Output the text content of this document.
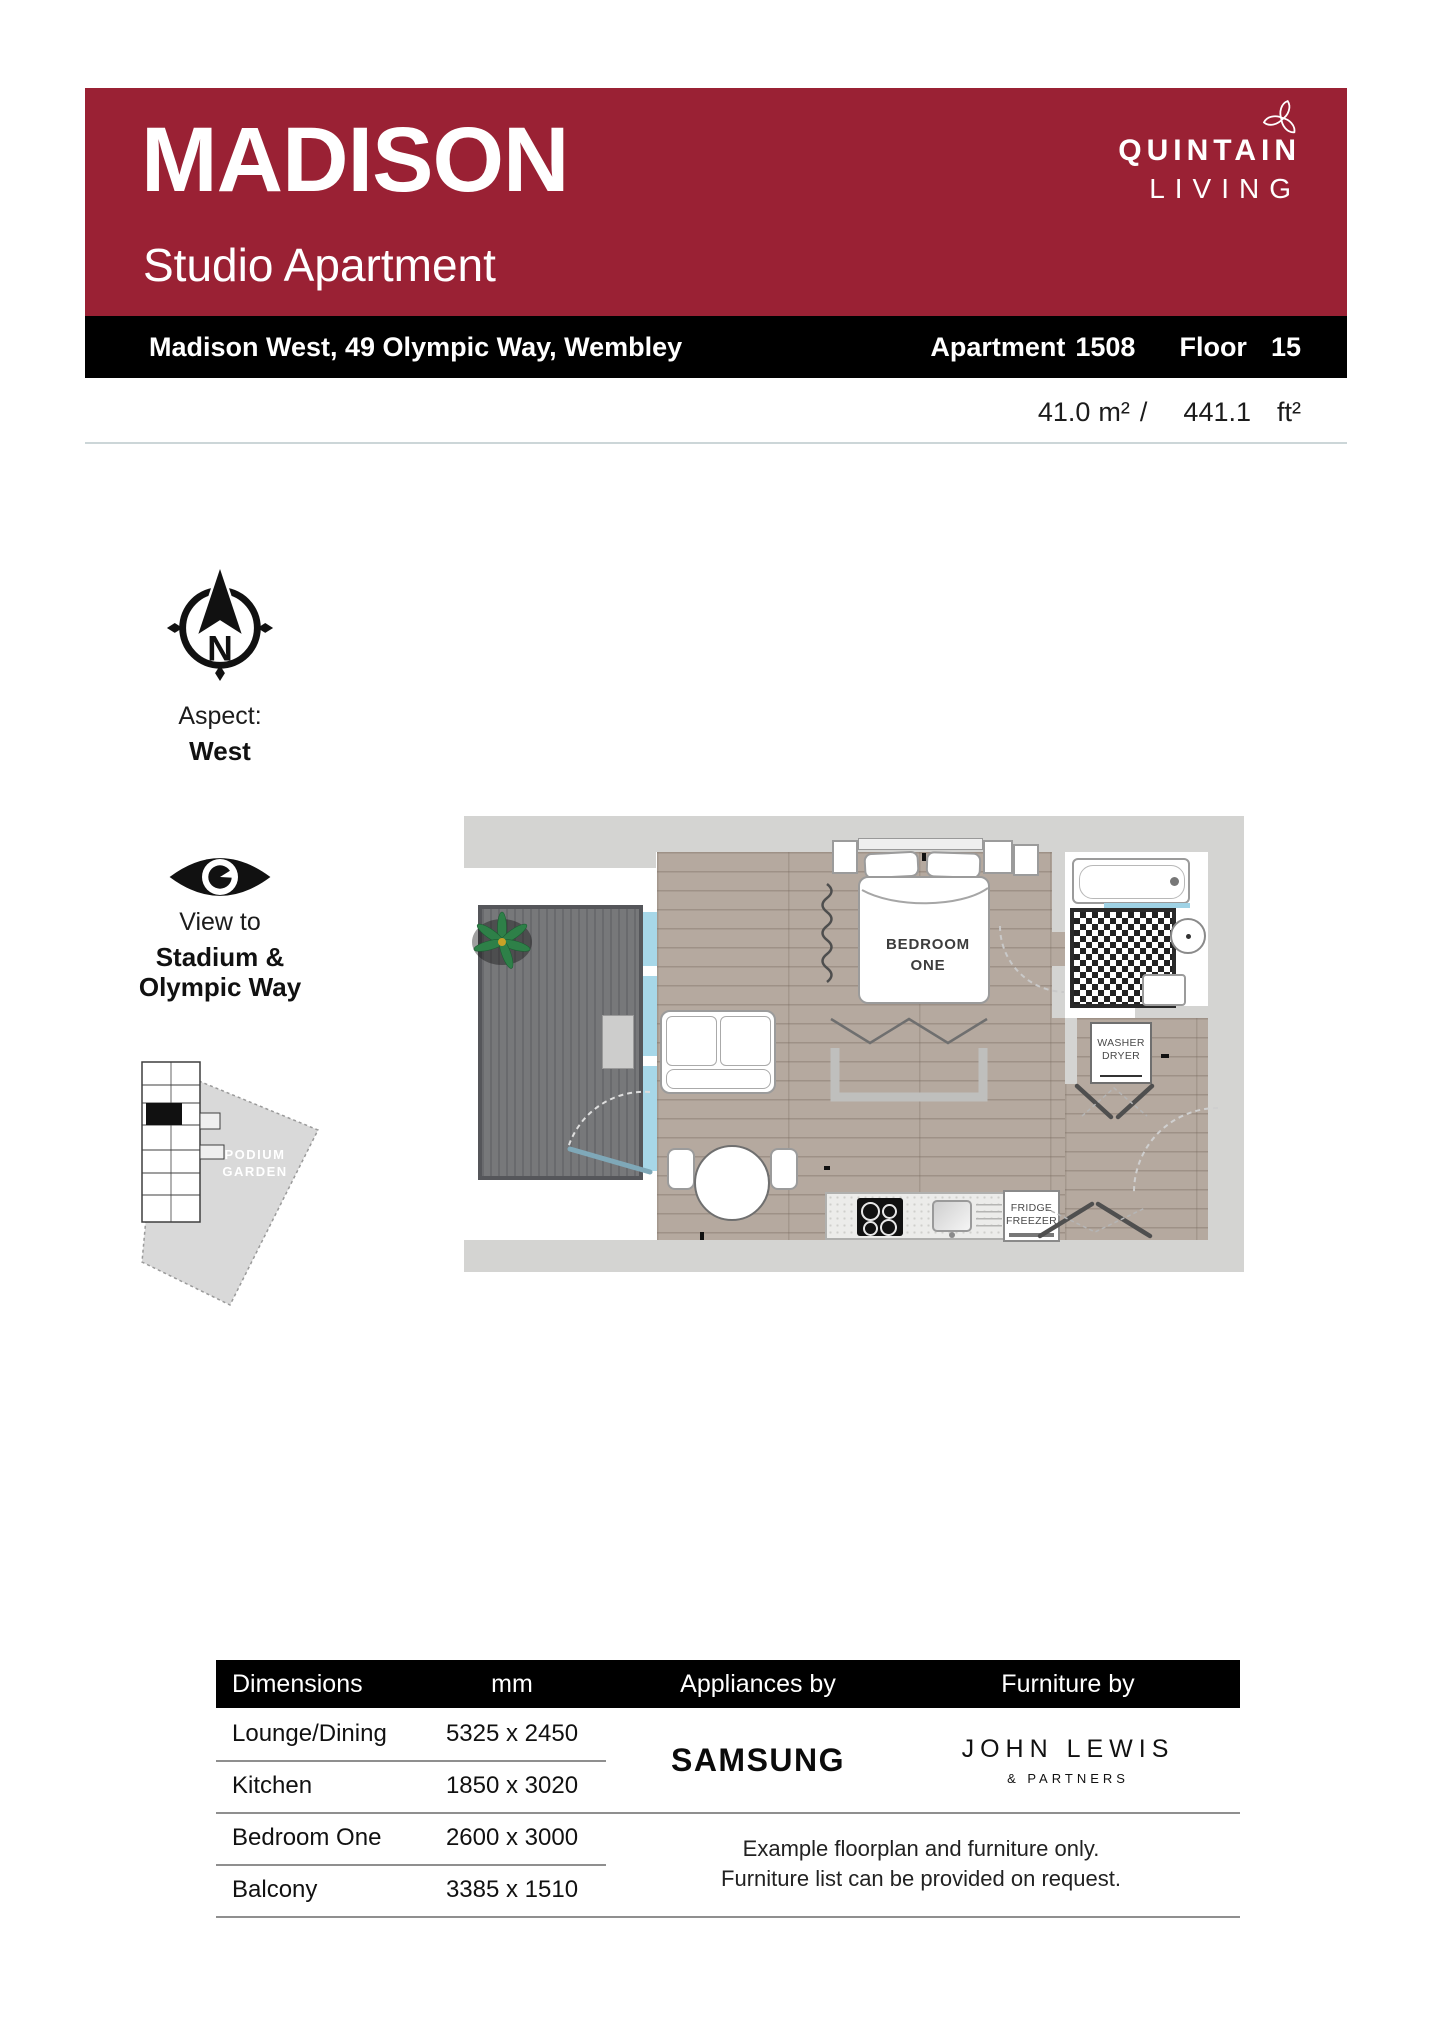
MADISON
Studio Apartment
QUINTAIN
LIVING
Madison West, 49 Olympic Way, Wembley	Apartment 1508 Floor 15
41.0 m² / 441.1 ft²
N
Aspect:
West
View to
Stadium &
Olympic Way
PODIUM
GARDEN
WASHER
DRYER
BEDROOM
ONE
FRIDGE
FREEZER
Dimensions	mm	Appliances by	Furniture by
Lounge/Dining	5325 x 2450
Kitchen	1850 x 3020
Bedroom One	2600 x 3000
Balcony	3385 x 1510
SAMSUNG	JOHN LEWIS
& PARTNERS
Example floorplan and furniture only.
Furniture list can be provided on request.
